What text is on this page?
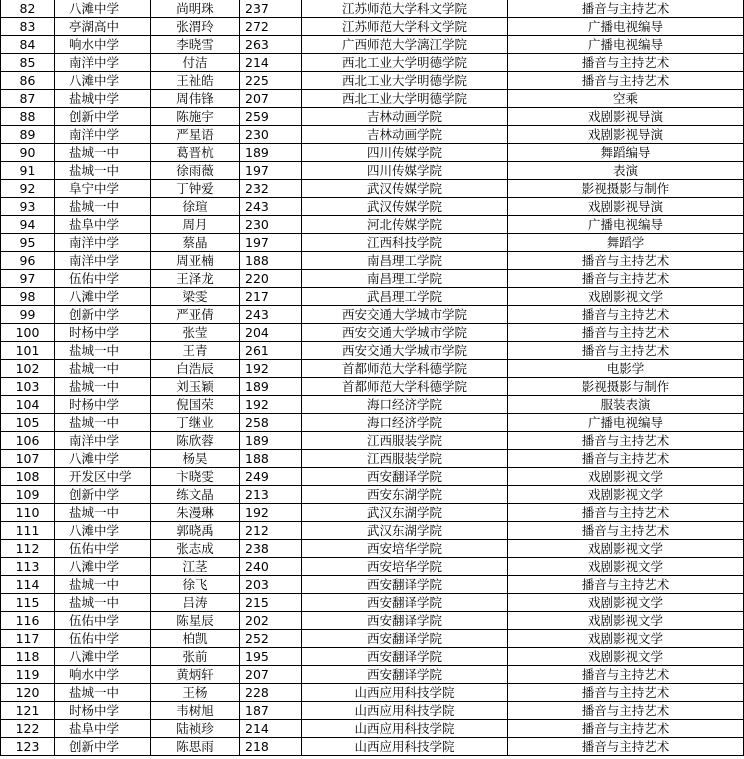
82	八滩中学	尚明珠	237	江苏师范大学科文学院	播音与主持艺术
83	亭湖高中	张渭玲	272	江苏师范大学科文学院	广播电视编导
84	响水中学	李晓雪	263	广西师范大学漓江学院	广播电视编导
85	南洋中学	付洁	214	西北工业大学明德学院	播音与主持艺术
86	八滩中学	王祉皓	225	西北工业大学明德学院	播音与主持艺术
87	盐城中学	周伟锋	207	西北工业大学明德学院	空乘
88	创新中学	陈施宇	259	吉林动画学院	戏剧影视导演
89	南洋中学	严星语	230	吉林动画学院	戏剧影视导演
90	盐城一中	葛晋杭	189	四川传媒学院	舞蹈编导
91	盐城一中	徐雨薇	197	四川传媒学院	表演
92	阜宁中学	丁钟爱	232	武汉传媒学院	影视摄影与制作
93	盐城一中	徐瑄	243	武汉传媒学院	戏剧影视导演
94	盐阜中学	周月	230	河北传媒学院	广播电视编导
95	南洋中学	蔡晶	197	江西科技学院	舞蹈学
96	南洋中学	周亚楠	188	南昌理工学院	播音与主持艺术
97	伍佑中学	王泽龙	220	南昌理工学院	播音与主持艺术
98	八滩中学	梁雯	217	武昌理工学院	戏剧影视文学
99	创新中学	严亚倩	243	西安交通大学城市学院	播音与主持艺术
100	时杨中学	张莹	204	西安交通大学城市学院	播音与主持艺术
101	盐城一中	王青	261	西安交通大学城市学院	播音与主持艺术
102	盐城一中	白浩辰	192	首都师范大学科德学院	电影学
103	盐城一中	刘玉颖	189	首都师范大学科德学院	影视摄影与制作
104	时杨中学	倪国荣	192	海口经济学院	服装表演
105	盐城一中	丁继业	258	海口经济学院	广播电视编导
106	南洋中学	陈欣蓉	189	江西服装学院	播音与主持艺术
107	八滩中学	杨昊	188	江西服装学院	播音与主持艺术
108	开发区中学	卞晓雯	249	西安翻译学院	戏剧影视文学
109	创新中学	练文晶	213	西安东湖学院	戏剧影视文学
110	盐城一中	朱漫琳	192	武汉东湖学院	播音与主持艺术
111	八滩中学	郭晓禹	212	武汉东湖学院	播音与主持艺术
112	伍佑中学	张志成	238	西安培华学院	戏剧影视文学
113	八滩中学	江茎	240	西安培华学院	戏剧影视文学
114	盐城一中	徐飞	203	西安翻译学院	播音与主持艺术
115	盐城一中	吕涛	215	西安翻译学院	戏剧影视文学
116	伍佑中学	陈星辰	202	西安翻译学院	戏剧影视文学
117	伍佑中学	柏凯	252	西安翻译学院	戏剧影视文学
118	八滩中学	张前	195	西安翻译学院	戏剧影视文学
119	响水中学	黄炳轩	207	西安翻译学院	播音与主持艺术
120	盐城一中	王杨	228	山西应用科技学院	播音与主持艺术
121	时杨中学	韦树旭	187	山西应用科技学院	播音与主持艺术
122	盐阜中学	陆祯珍	214	山西应用科技学院	播音与主持艺术
123	创新中学	陈思雨	218	山西应用科技学院	播音与主持艺术
